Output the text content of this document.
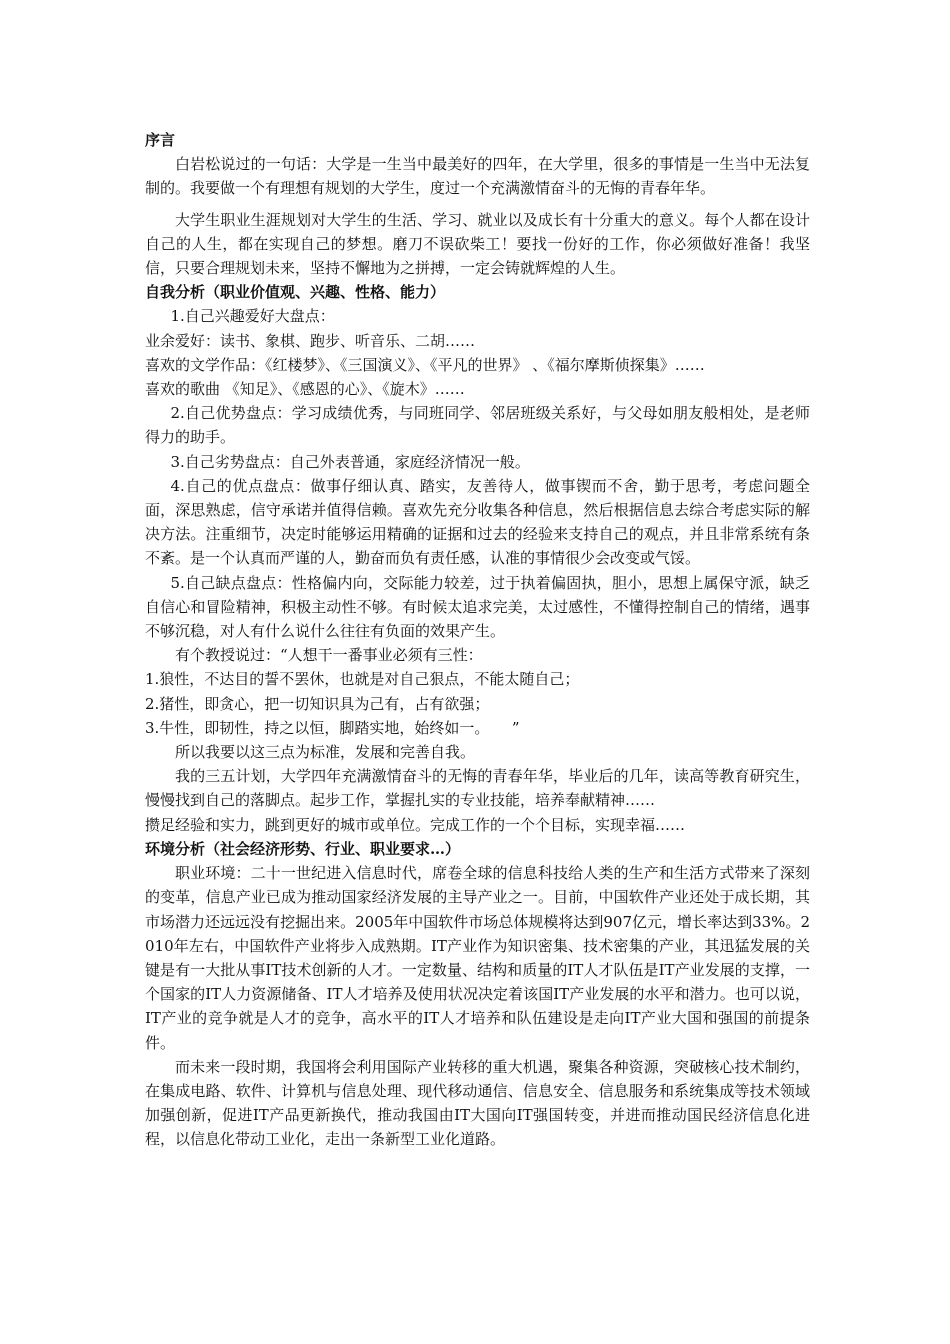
序言

白岩松说过的一句话：大学是一生当中最美好的四年，在大学里，很多的事情是一生当中无法复制的。我要做一个有理想有规划的大学生，度过一个充满激情奋斗的无悔的青春年华。

大学生职业生涯规划对大学生的生活、学习、就业以及成长有十分重大的意义。每个人都在设计自己的人生，都在实现自己的梦想。磨刀不误砍柴工！要找一份好的工作，你必须做好准备！我坚信，只要合理规划未来，坚持不懈地为之拼搏，一定会铸就辉煌的人生。

自我分析（职业价值观、兴趣、性格、能力）

1.自己兴趣爱好大盘点：

业余爱好：读书、象棋、跑步、听音乐、二胡……

喜欢的文学作品：《红楼梦》、《三国演义》、《平凡的世界》 、《福尔摩斯侦探集》……

喜欢的歌曲 《知足》、《感恩的心》、《旋木》……

2.自己优势盘点：学习成绩优秀，与同班同学、邻居班级关系好，与父母如朋友般相处，是老师得力的助手。

3.自己劣势盘点：自己外表普通，家庭经济情况一般。

4.自己的优点盘点：做事仔细认真、踏实，友善待人，做事锲而不舍，勤于思考，考虑问题全面，深思熟虑，信守承诺并值得信赖。喜欢先充分收集各种信息，然后根据信息去综合考虑实际的解决方法。注重细节，决定时能够运用精确的证据和过去的经验来支持自己的观点，并且非常系统有条不紊。是一个认真而严谨的人，勤奋而负有责任感，认准的事情很少会改变或气馁。

5.自己缺点盘点：性格偏内向，交际能力较差，过于执着偏固执，胆小，思想上属保守派，缺乏自信心和冒险精神，积极主动性不够。有时候太追求完美，太过感性，不懂得控制自己的情绪，遇事不够沉稳，对人有什么说什么往往有负面的效果产生。

有个教授说过：“人想干一番事业必须有三性：

1.狼性，不达目的誓不罢休，也就是对自己狠点，不能太随自己；

2.猪性，即贪心，把一切知识具为己有，占有欲强；

3.牛性，即韧性，持之以恒，脚踏实地，始终如一。　　”

所以我要以这三点为标准，发展和完善自我。

我的三五计划，大学四年充满激情奋斗的无悔的青春年华，毕业后的几年，读高等教育研究生，慢慢找到自己的落脚点。起步工作，掌握扎实的专业技能，培养奉献精神……

攒足经验和实力，跳到更好的城市或单位。完成工作的一个个目标，实现幸福……

环境分析（社会经济形势、行业、职业要求…）

职业环境：二十一世纪进入信息时代，席卷全球的信息科技给人类的生产和生活方式带来了深刻的变革，信息产业已成为推动国家经济发展的主导产业之一。目前，中国软件产业还处于成长期，其市场潜力还远远没有挖掘出来。2005年中国软件市场总体规模将达到907亿元，增长率达到33%。2010年左右，中国软件产业将步入成熟期。IT产业作为知识密集、技术密集的产业，其迅猛发展的关键是有一大批从事IT技术创新的人才。一定数量、结构和质量的IT人才队伍是IT产业发展的支撑，一个国家的IT人力资源储备、IT人才培养及使用状况决定着该国IT产业发展的水平和潜力。也可以说，IT产业的竞争就是人才的竞争，高水平的IT人才培养和队伍建设是走向IT产业大国和强国的前提条件。

而未来一段时期，我国将会利用国际产业转移的重大机遇，聚集各种资源，突破核心技术制约，在集成电路、软件、计算机与信息处理、现代移动通信、信息安全、信息服务和系统集成等技术领域加强创新，促进IT产品更新换代，推动我国由IT大国向IT强国转变，并进而推动国民经济信息化进程，以信息化带动工业化，走出一条新型工业化道路。
